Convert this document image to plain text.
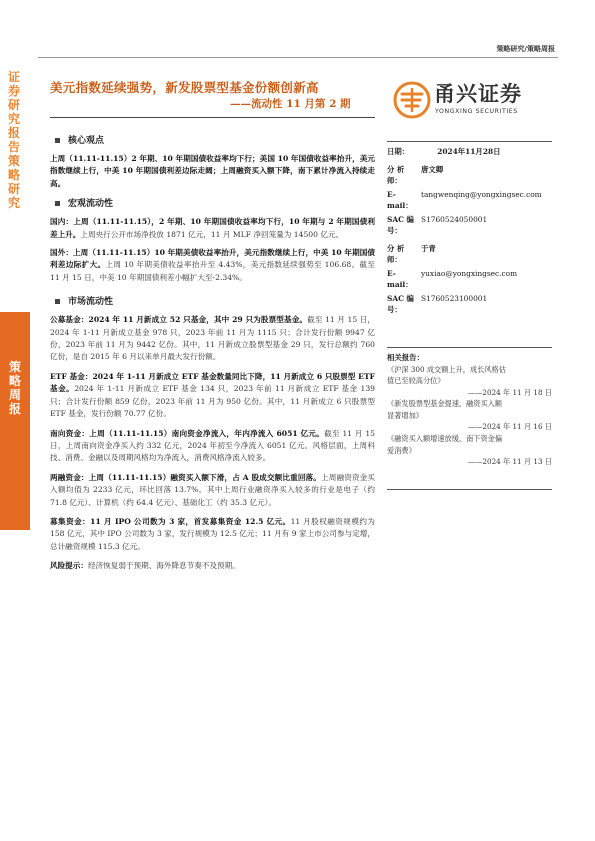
策略研究/策略周报
证券研究报告 策略研究
策略周报
美元指数延续强势，新发股票型基金份额创新高
——流动性 11 月第 2 期	甬兴证券
YONGXING SECURITIES
核心观点
上周（11.11-11.15）2 年期、10 年期国债收益率均下行；美国 10 年国债收益率抬升，美元指数继续上行，中美 10 年期国债利差边际走阔；上周融资买入额下降，南下累计净流入持续走高。
宏观流动性
国内：上周（11.11-11.15），2 年期、10 年期国债收益率均下行，10 年期与 2 年期国债利差上升。上周央行公开市场净投放 1871 亿元，11 月 MLF 净回笼量为 14500 亿元。
国外：上周（11.11-11.15）10 年期美债收益率抬升，美元指数继续上行，中美 10 年期国债利差边际扩大。上周 10 年期美债收益率抬升至 4.43%，美元指数延续强势至 106.68。截至 11 月 15 日，中美 10 年期国债利差小幅扩大至-2.34%。
市场流动性
公募基金：2024 年 11 月新成立 52 只基金，其中 29 只为股票型基金。截至 11 月 15 日，2024 年 1-11 月新成立基金 978 只，2023 年前 11 月为 1115 只；合计发行份额 9947 亿份，2023 年前 11 月为 9442 亿份。其中，11 月新成立股票型基金 29 只，发行总额约 760 亿份，是自 2015 年 6 月以来单月最大发行份额。
ETF 基金：2024 年 1-11 月新成立 ETF 基金数量同比下降，11 月新成立 6 只股票型 ETF 基金。2024 年 1-11 月新成立 ETF 基金 134 只，2023 年前 11 月新成立 ETF 基金 139 只；合计发行份额 859 亿份，2023 年前 11 月为 950 亿份。其中，11 月新成立 6 只股票型 ETF 基金，发行份额 70.77 亿份。
南向资金：上周（11.11-11.15）南向资金净流入，年内净流入 6051 亿元。截至 11 月 15 日，上周南向资金净买入约 332 亿元，2024 年初至今净流入 6051 亿元。风格层面，上周科技、消费、金融以及周期风格均为净流入，消费风格净流入较多。
两融资金：上周（11.11-11.15）融资买入额下滑，占 A 股成交额比重回落。上周融资资金买入额均值为 2233 亿元，环比回落 13.7%。其中上周行业融资净买入较多的行业是电子（约 71.8 亿元）、计算机（约 64.4 亿元）、基础化工（约 35.3 亿元）。
募集资金：11 月 IPO 公司数为 3 家，首发募集资金 12.5 亿元。11 月股权融资规模约为 158 亿元，其中 IPO 公司数为 3 家，发行规模为 12.5 亿元；11 月有 9 家上市公司参与定增，总计融资规模 115.3 亿元。
风险提示：经济恢复弱于预期、海外降息节奏不及预期。
日期：	2024年11月28日
分 析 师：
唐文卿
E-mail：
tangwenqing@yongxingsec.com
SAC 编号：
S1760524050001
分 析 师：
于青
E-mail：
yuxiao@yongxingsec.com
SAC 编号：
S1760523100001
相关报告：
《沪深 300 成交额上升，成长风格估
值已至较高分位》
——2024 年 11 月 18 日
《新发股票型基金提速，融资买入额
显著增加》
——2024 年 11 月 16 日
《融资买入额增速放缓，南下资金偏
爱消费》
——2024 年 11 月 13 日
